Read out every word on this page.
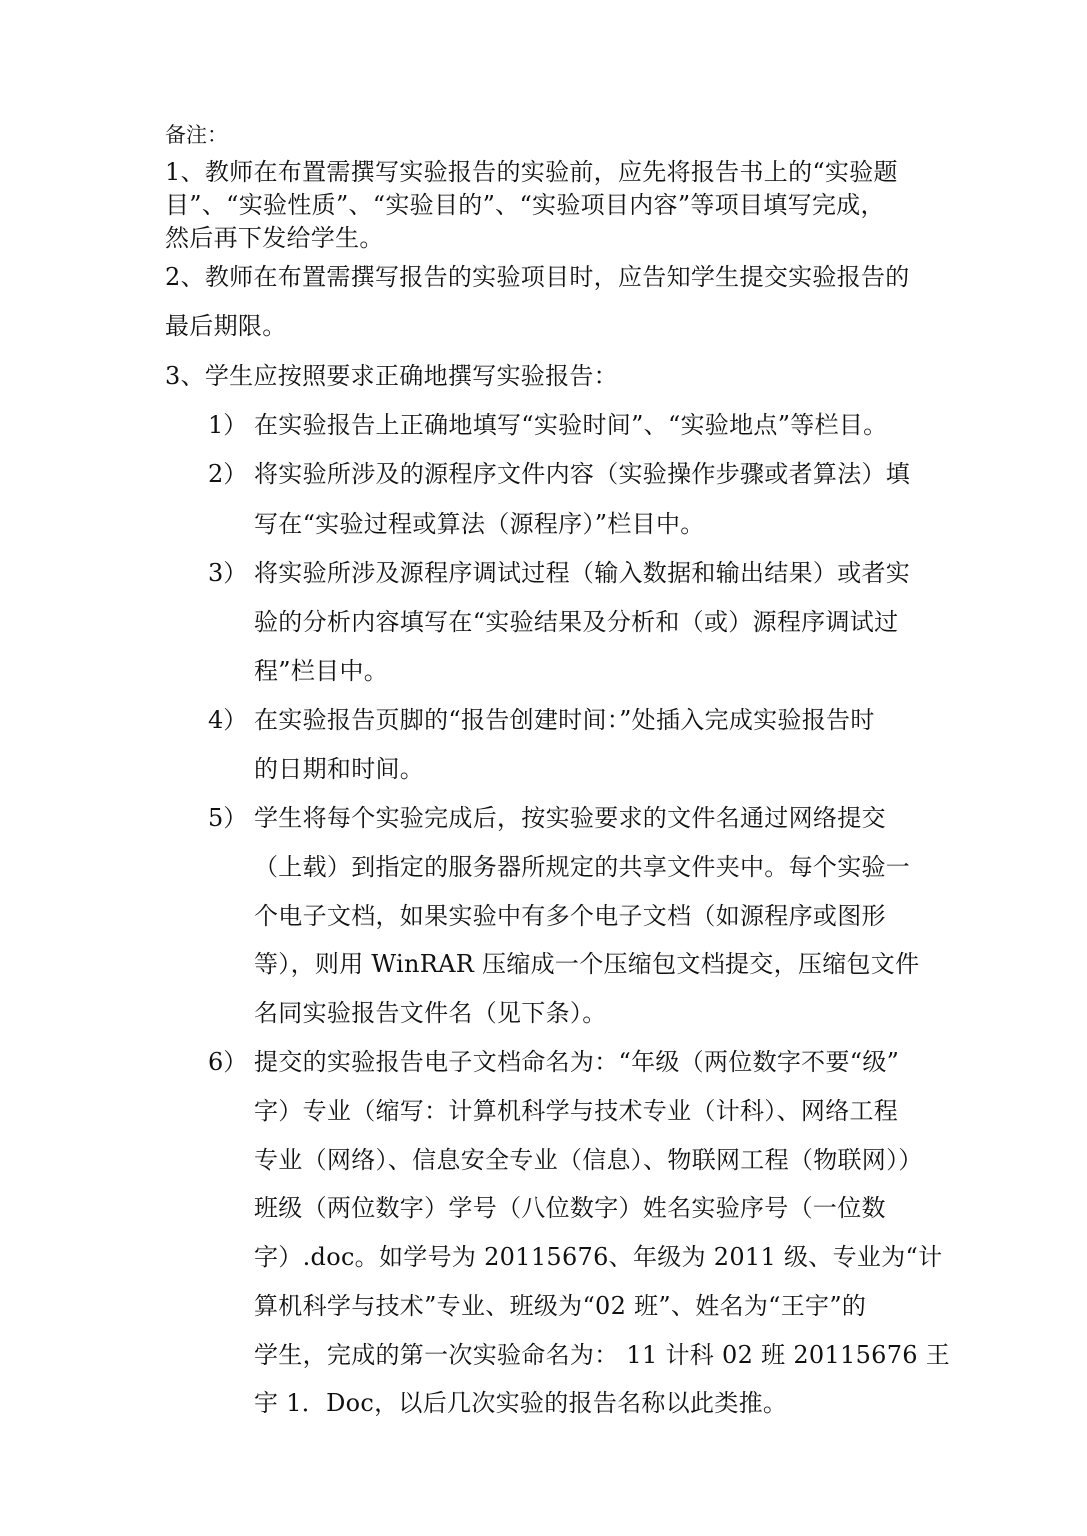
备注：
1、教师在布置需撰写实验报告的实验前，应先将报告书上的“实验题
目”、“实验性质”、“实验目的”、“实验项目内容”等项目填写完成，
然后再下发给学生。
2、教师在布置需撰写报告的实验项目时，应告知学生提交实验报告的
最后期限。
3、学生应按照要求正确地撰写实验报告：
1） 在实验报告上正确地填写“实验时间”、“实验地点”等栏目。
2） 将实验所涉及的源程序文件内容（实验操作步骤或者算法）填
写在“实验过程或算法（源程序）”栏目中。
3） 将实验所涉及源程序调试过程（输入数据和输出结果）或者实
验的分析内容填写在“实验结果及分析和（或）源程序调试过
程”栏目中。
4） 在实验报告页脚的“报告创建时间：”处插入完成实验报告时
的日期和时间。
5） 学生将每个实验完成后，按实验要求的文件名通过网络提交
（上载）到指定的服务器所规定的共享文件夹中。每个实验一
个电子文档，如果实验中有多个电子文档（如源程序或图形
等），则用 WinRAR 压缩成一个压缩包文档提交，压缩包文件
名同实验报告文件名（见下条）。
6） 提交的实验报告电子文档命名为：“年级（两位数字不要“级”
字）专业（缩写：计算机科学与技术专业（计科）、网络工程
专业（网络）、信息安全专业（信息）、物联网工程（物联网））
班级（两位数字）学号（八位数字）姓名实验序号（一位数
字）.doc。如学号为 20115676、年级为 2011 级、专业为“计
算机科学与技术”专业、班级为“02 班”、姓名为“王宇”的
学生，完成的第一次实验命名为： 11 计科 02 班 20115676 王
宇 1．Doc，以后几次实验的报告名称以此类推。
